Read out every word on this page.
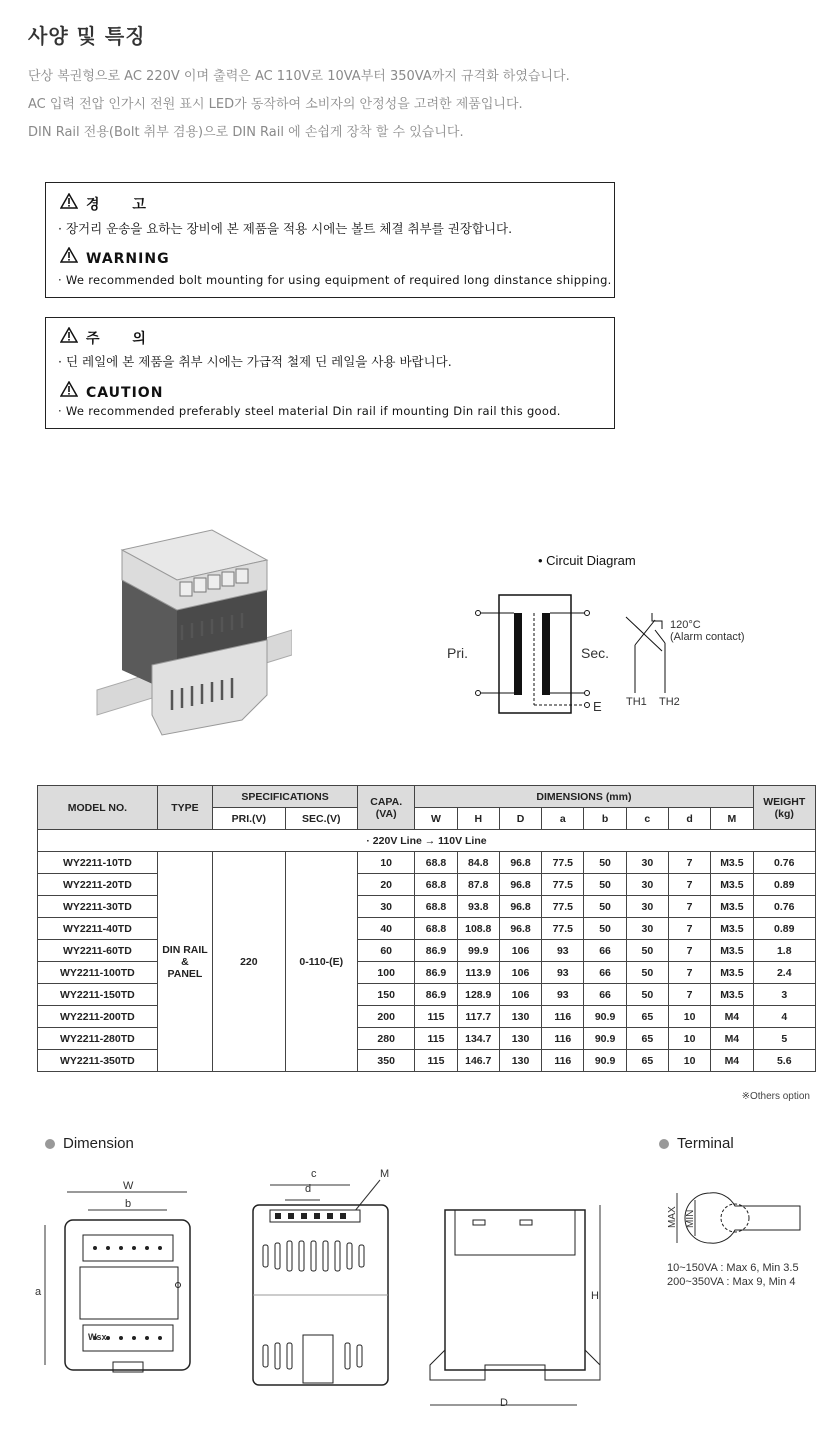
사양 및 특징
단상 복권형으로 AC 220V 이며 출력은 AC 110V로 10VA부터 350VA까지 규격화 하였습니다.
AC 입력 전압 인가시 전원 표시 LED가 동작하여 소비자의 안정성을 고려한 제품입니다.
DIN Rail 전용(Bolt 취부 겸용)으로 DIN Rail 에 손쉽게 장착 할 수 있습니다.
경 고
· 장거리 운송을 요하는 장비에 본 제품을 적용 시에는 볼트 체결 취부를 권장합니다.
WARNING
· We recommended bolt mounting for using equipment of required long dinstance shipping.
주 의
· 딘 레일에 본 제품을 취부 시에는 가급적 철제 딘 레일을 사용 바랍니다.
CAUTION
· We recommended preferably steel material Din rail if mounting Din rail this good.
• Circuit Diagram
Pri.	Sec.
E
120°C
(Alarm contact)
TH1 TH2
MODEL NO.	TYPE	SPECIFICATIONS		CAPA.
(VA)	DIMENSIONS (mm)								WEIGHT
(kg)
		PRI.(V)	SEC.(V)		W	H	D	a	b	c	d	M	
· 220V Line → 110V Line													
WY2211-10TD	DIN RAIL &
PANEL	220	0-110-(E)	10	68.8	84.8	96.8	77.5	50	30	7	M3.5	0.76
WY2211-20TD				20	68.8	87.8	96.8	77.5	50	30	7	M3.5	0.89
WY2211-30TD				30	68.8	93.8	96.8	77.5	50	30	7	M3.5	0.76
WY2211-40TD				40	68.8	108.8	96.8	77.5	50	30	7	M3.5	0.89
WY2211-60TD				60	86.9	99.9	106	93	66	50	7	M3.5	1.8
WY2211-100TD				100	86.9	113.9	106	93	66	50	7	M3.5	2.4
WY2211-150TD				150	86.9	128.9	106	93	66	50	7	M3.5	3
WY2211-200TD				200	115	117.7	130	116	90.9	65	10	M4	4
WY2211-280TD				280	115	134.7	130	116	90.9	65	10	M4	5
WY2211-350TD				350	115	146.7	130	116	90.9	65	10	M4	5.6
※Others option
Dimension	Terminal
W
b
a
Wsx
c
d
M
H
D
MAX MIN
10~150VA : Max 6, Min 3.5
200~350VA : Max 9, Min 4
